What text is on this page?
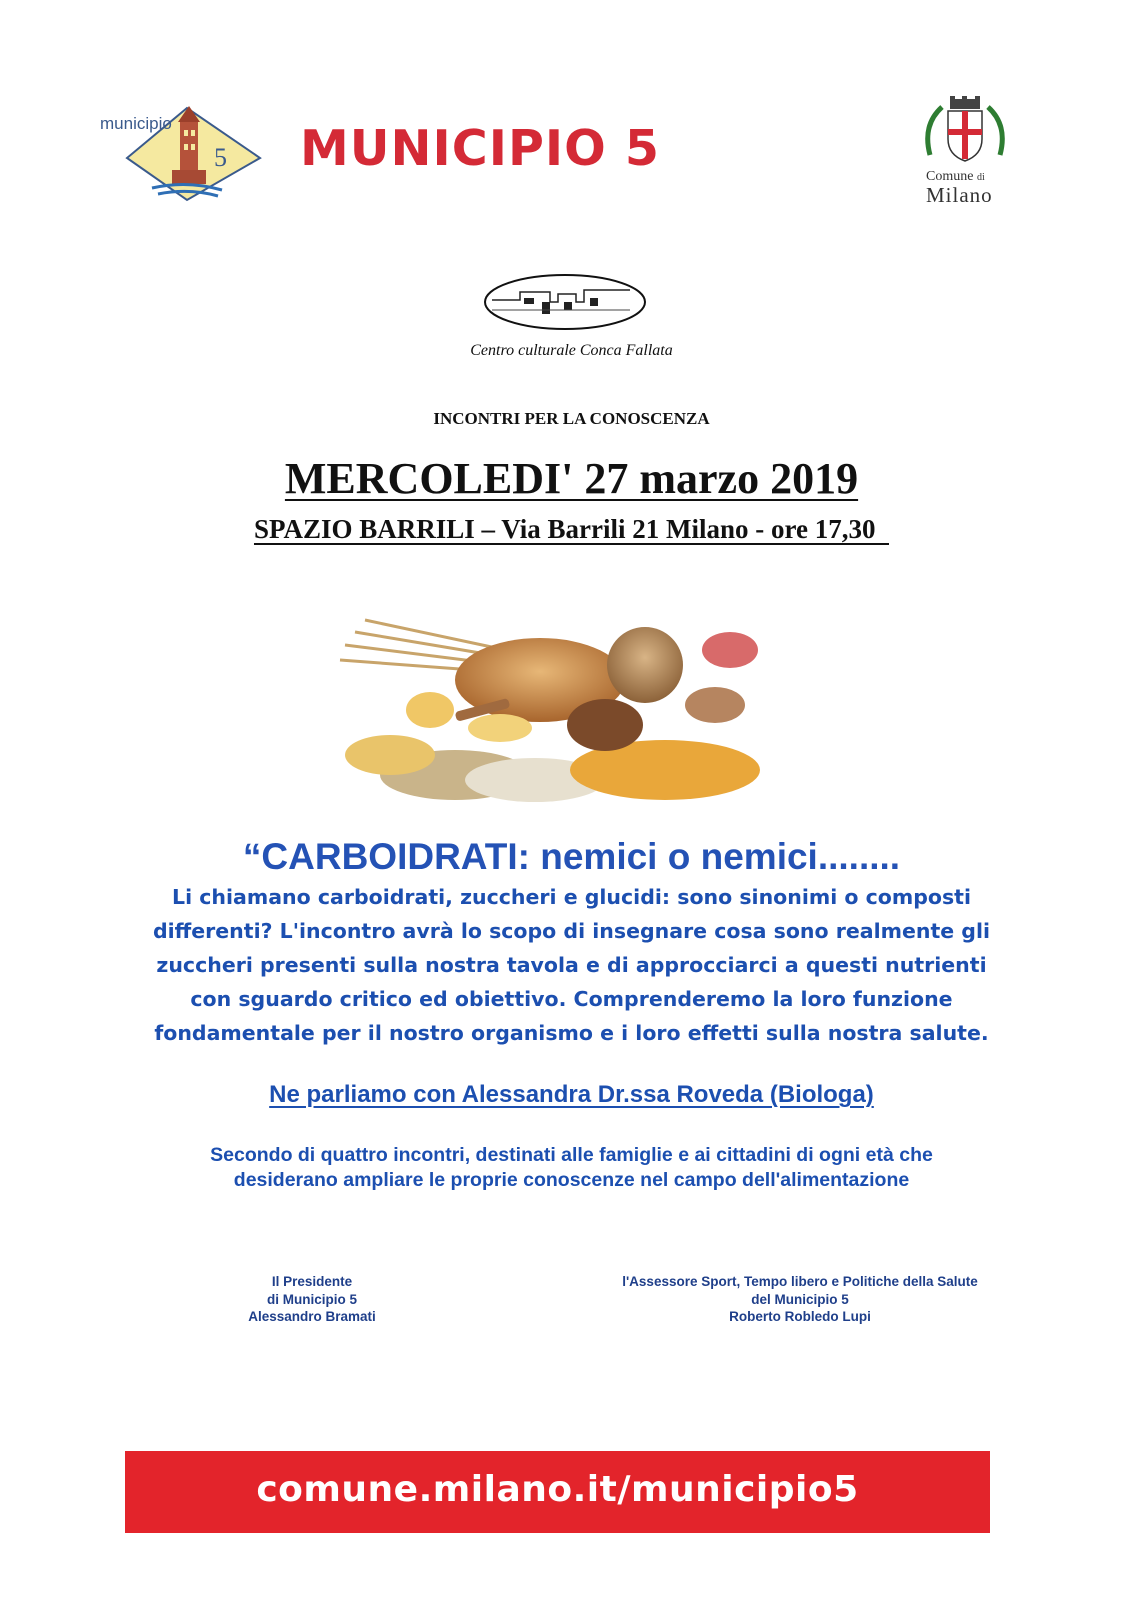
5
municipio	MUNICIPIO 5	Comune di
Milano
Centro culturale Conca Fallata
INCONTRI PER LA CONOSCENZA
MERCOLEDI' 27 marzo 2019
SPAZIO BARRILI – Via Barrili 21 Milano - ore 17,30
“CARBOIDRATI: nemici o nemici........
Li chiamano carboidrati, zuccheri e glucidi: sono sinonimi o composti differenti? L'incontro avrà lo scopo di insegnare cosa sono realmente gli zuccheri presenti sulla nostra tavola e di approcciarci a questi nutrienti con sguardo critico ed obiettivo. Comprenderemo la loro funzione fondamentale per il nostro organismo e i loro effetti sulla nostra salute.
Ne parliamo con Alessandra Dr.ssa Roveda (Biologa)
Secondo di quattro incontri, destinati alle famiglie e ai cittadini di ogni età che
desiderano ampliare le proprie conoscenze nel campo dell'alimentazione
Il Presidente
di Municipio 5
Alessandro Bramati
l'Assessore Sport, Tempo libero e Politiche della Salute
del Municipio 5
Roberto Robledo Lupi
comune.milano.it/municipio5
